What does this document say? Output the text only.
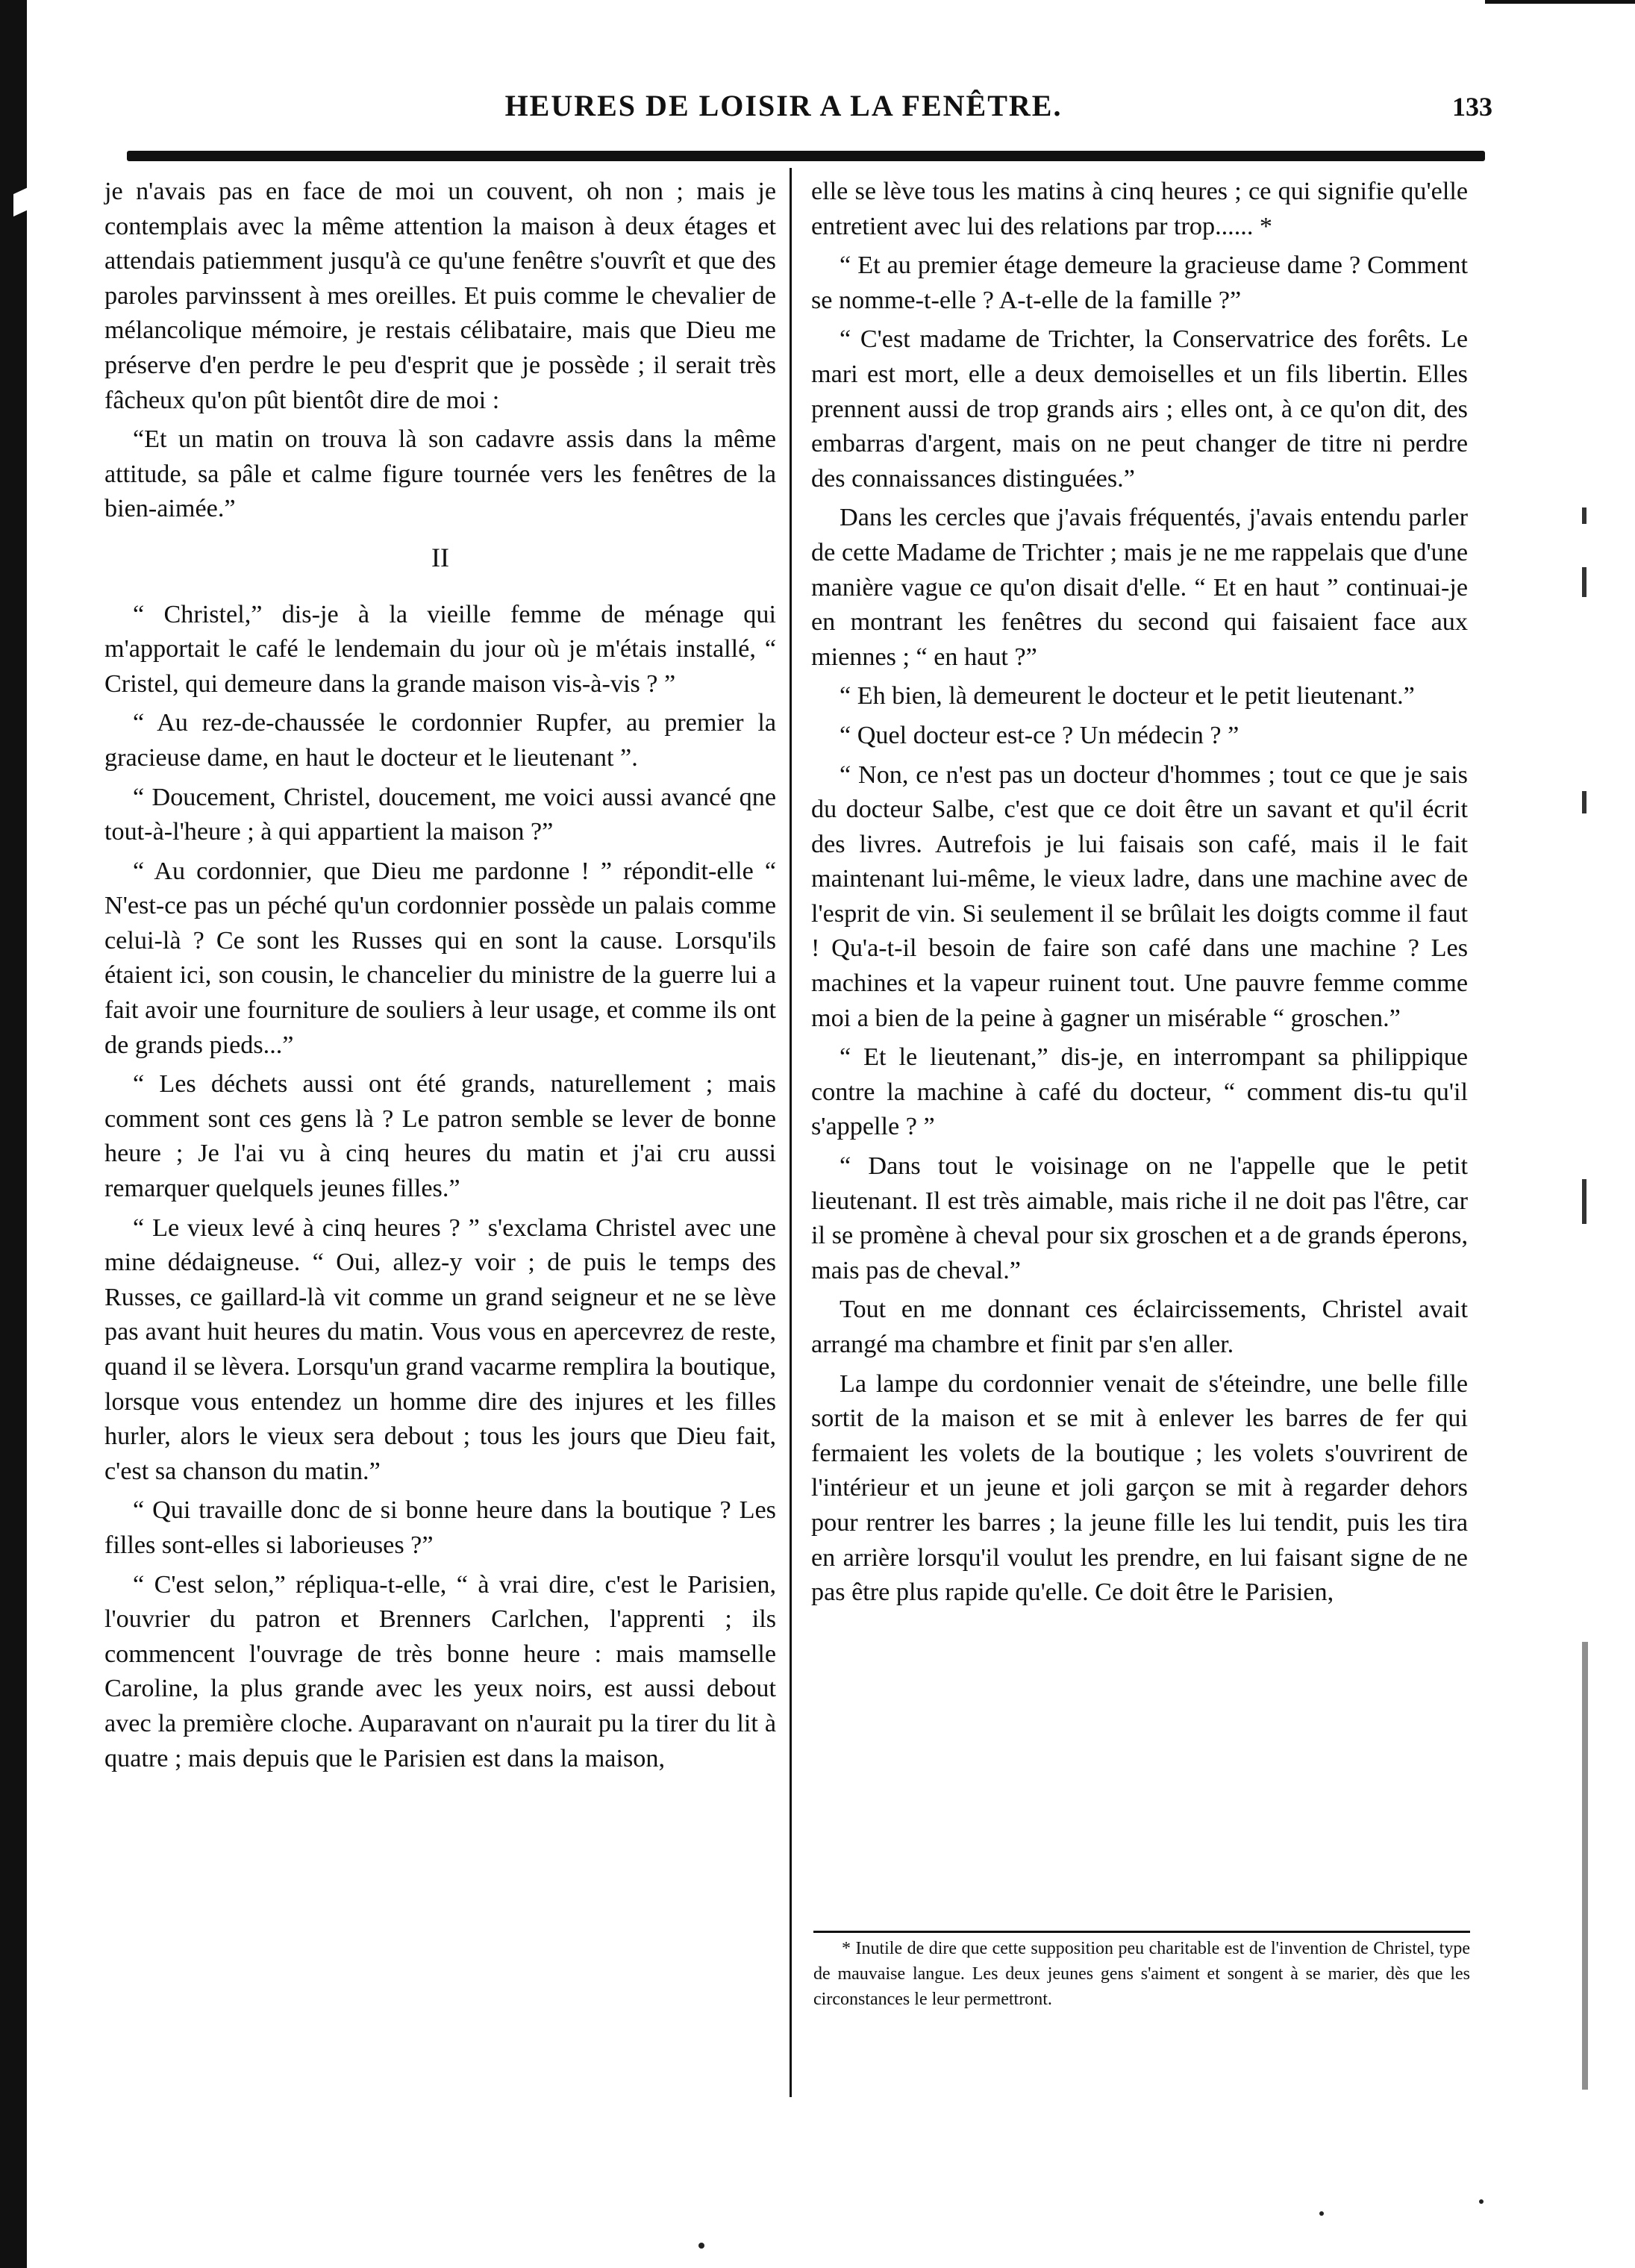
HEURES DE LOISIR A LA FENÊTRE.	133

je n'avais pas en face de moi un couvent, oh non ; mais je contemplais avec la même attention la maison à deux étages et attendais patiemment jusqu'à ce qu'une fenêtre s'ouvrît et que des paroles parvinssent à mes oreilles. Et puis comme le chevalier de mélancolique mémoire, je restais célibataire, mais que Dieu me préserve d'en perdre le peu d'esprit que je possède ; il serait très fâcheux qu'on pût bientôt dire de moi :

“Et un matin on trouva là son cadavre assis dans la même attitude, sa pâle et calme figure tournée vers les fenêtres de la bien-aimée.”

II

“ Christel,” dis-je à la vieille femme de ménage qui m'apportait le café le lendemain du jour où je m'étais installé, “ Cristel, qui demeure dans la grande maison vis-à-vis ? ”

“ Au rez-de-chaussée le cordonnier Rupfer, au premier la gracieuse dame, en haut le docteur et le lieutenant ”.

“ Doucement, Christel, doucement, me voici aussi avancé qne tout-à-l'heure ; à qui appartient la maison ?”

“ Au cordonnier, que Dieu me pardonne ! ” répondit-elle “ N'est-ce pas un péché qu'un cordonnier possède un palais comme celui-là ? Ce sont les Russes qui en sont la cause. Lorsqu'ils étaient ici, son cousin, le chancelier du ministre de la guerre lui a fait avoir une fourniture de souliers à leur usage, et comme ils ont de grands pieds...”

“ Les déchets aussi ont été grands, naturellement ; mais comment sont ces gens là ? Le patron semble se lever de bonne heure ; Je l'ai vu à cinq heures du matin et j'ai cru aussi remarquer quelquels jeunes filles.”

“ Le vieux levé à cinq heures ? ” s'exclama Christel avec une mine dédaigneuse. “ Oui, allez-y voir ; de puis le temps des Russes, ce gaillard-là vit comme un grand seigneur et ne se lève pas avant huit heures du matin. Vous vous en apercevrez de reste, quand il se lèvera. Lorsqu'un grand vacarme remplira la boutique, lorsque vous entendez un homme dire des injures et les filles hurler, alors le vieux sera debout ; tous les jours que Dieu fait, c'est sa chanson du matin.”

“ Qui travaille donc de si bonne heure dans la boutique ? Les filles sont-elles si laborieuses ?”

“ C'est selon,” répliqua-t-elle, “ à vrai dire, c'est le Parisien, l'ouvrier du patron et Brenners Carlchen, l'apprenti ; ils commencent l'ouvrage de très bonne heure : mais mamselle Caroline, la plus grande avec les yeux noirs, est aussi debout avec la première cloche. Auparavant on n'aurait pu la tirer du lit à quatre ; mais depuis que le Parisien est dans la maison,

elle se lève tous les matins à cinq heures ; ce qui signifie qu'elle entretient avec lui des relations par trop...... *

“ Et au premier étage demeure la gracieuse dame ? Comment se nomme-t-elle ? A-t-elle de la famille ?”

“ C'est madame de Trichter, la Conservatrice des forêts. Le mari est mort, elle a deux demoiselles et un fils libertin. Elles prennent aussi de trop grands airs ; elles ont, à ce qu'on dit, des embarras d'argent, mais on ne peut changer de titre ni perdre des connaissances distinguées.”

Dans les cercles que j'avais fréquentés, j'avais entendu parler de cette Madame de Trichter ; mais je ne me rappelais que d'une manière vague ce qu'on disait d'elle. “ Et en haut ” continuai-je en montrant les fenêtres du second qui faisaient face aux miennes ; “ en haut ?”

“ Eh bien, là demeurent le docteur et le petit lieutenant.”

“ Quel docteur est-ce ? Un médecin ? ”

“ Non, ce n'est pas un docteur d'hommes ; tout ce que je sais du docteur Salbe, c'est que ce doit être un savant et qu'il écrit des livres. Autrefois je lui faisais son café, mais il le fait maintenant lui-même, le vieux ladre, dans une machine avec de l'esprit de vin. Si seulement il se brûlait les doigts comme il faut ! Qu'a-t-il besoin de faire son café dans une machine ? Les machines et la vapeur ruinent tout. Une pauvre femme comme moi a bien de la peine à gagner un misérable “ groschen.”

“ Et le lieutenant,” dis-je, en interrompant sa philippique contre la machine à café du docteur, “ comment dis-tu qu'il s'appelle ? ”

“ Dans tout le voisinage on ne l'appelle que le petit lieutenant. Il est très aimable, mais riche il ne doit pas l'être, car il se promène à cheval pour six groschen et a de grands éperons, mais pas de cheval.”

Tout en me donnant ces éclaircissements, Christel avait arrangé ma chambre et finit par s'en aller.

La lampe du cordonnier venait de s'éteindre, une belle fille sortit de la maison et se mit à enlever les barres de fer qui fermaient les volets de la boutique ; les volets s'ouvrirent de l'intérieur et un jeune et joli garçon se mit à regarder dehors pour rentrer les barres ; la jeune fille les lui tendit, puis les tira en arrière lorsqu'il voulut les prendre, en lui faisant signe de ne pas être plus rapide qu'elle. Ce doit être le Parisien,

* Inutile de dire que cette supposition peu charitable est de l'invention de Christel, type de mauvaise langue. Les deux jeunes gens s'aiment et songent à se marier, dès que les circonstances le leur permettront.
